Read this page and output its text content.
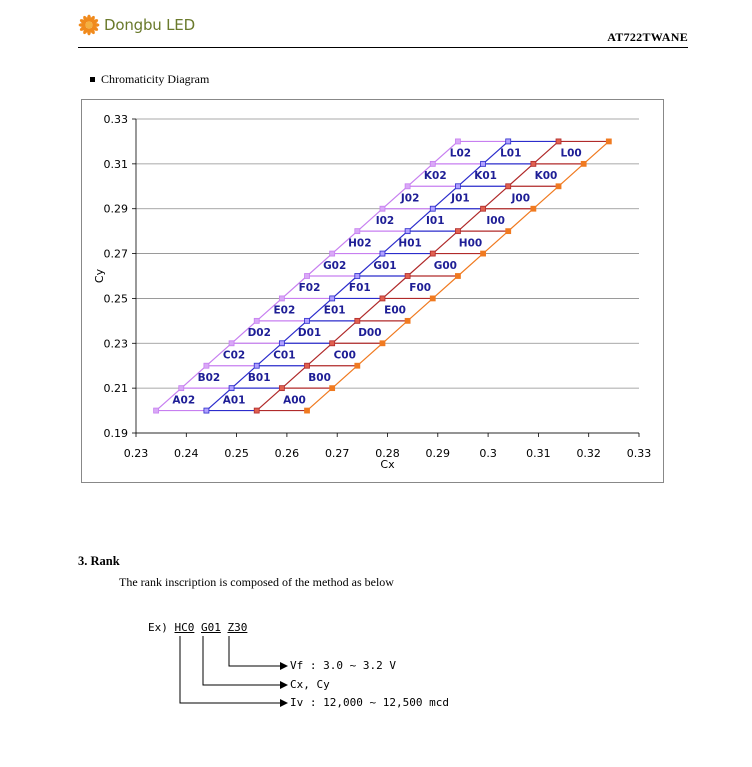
Dongbu LED
AT722TWANE
Chromaticity Diagram
0.19
0.21
0.23
0.25
0.27
0.29
0.31
0.33
0.23 0.24 0.25 0.26 0.27 0.28 0.29	0.3	0.31 0.32 0.33
Cx
Cy
A02	A01	A00
B02	B01	B00
C02	C01	C00
D02	D01	D00
E02	E01	E00
F02	F01	F00
G02	G01	G00
H02	H01	H00
I02	I01	I00
J02	J01	J00
K02	K01	K00
L02	L01	L00
3. Rank
The rank inscription is composed of the method as below
Ex) HC0 G01 Z30
Vf : 3.0 ~ 3.2 V
Cx, Cy
Iv : 12,000 ~ 12,500 mcd
